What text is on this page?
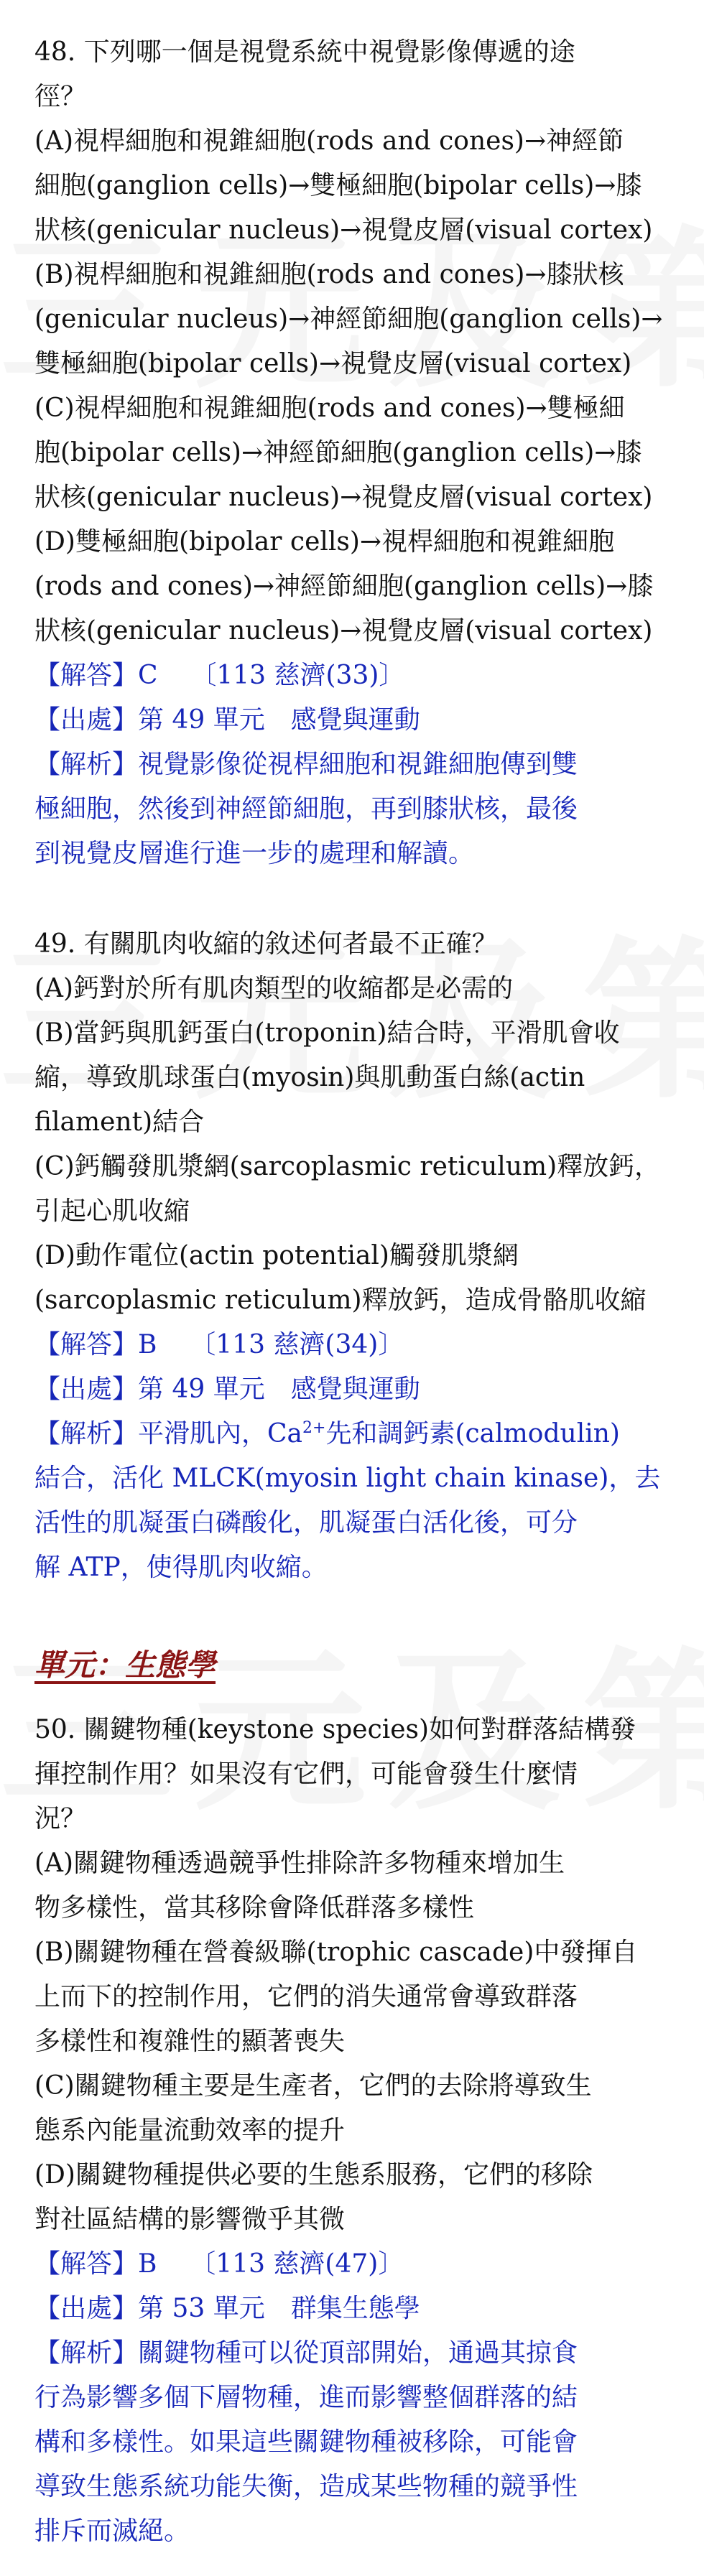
48. 下列哪一個是視覺系統中視覺影像傳遞的途
徑？
(A)視桿細胞和視錐細胞(rods and cones)→神經節
細胞(ganglion cells)→雙極細胞(bipolar cells)→膝
狀核(genicular nucleus)→視覺皮層(visual cortex)
(B)視桿細胞和視錐細胞(rods and cones)→膝狀核
(genicular nucleus)→神經節細胞(ganglion cells)→
雙極細胞(bipolar cells)→視覺皮層(visual cortex)
(C)視桿細胞和視錐細胞(rods and cones)→雙極細
胞(bipolar cells)→神經節細胞(ganglion cells)→膝
狀核(genicular nucleus)→視覺皮層(visual cortex)
(D)雙極細胞(bipolar cells)→視桿細胞和視錐細胞
(rods and cones)→神經節細胞(ganglion cells)→膝
狀核(genicular nucleus)→視覺皮層(visual cortex)
【解答】C 〔113 慈濟(33)〕
【出處】第 49 單元　感覺與運動
【解析】視覺影像從視桿細胞和視錐細胞傳到雙
極細胞，然後到神經節細胞，再到膝狀核，最後
到視覺皮層進行進一步的處理和解讀。
49. 有關肌肉收縮的敘述何者最不正確？
(A)鈣對於所有肌肉類型的收縮都是必需的
(B)當鈣與肌鈣蛋白(troponin)結合時，平滑肌會收
縮，導致肌球蛋白(myosin)與肌動蛋白絲(actin
filament)結合
(C)鈣觸發肌漿網(sarcoplasmic reticulum)釋放鈣，
引起心肌收縮
(D)動作電位(actin potential)觸發肌漿網
(sarcoplasmic reticulum)釋放鈣，造成骨骼肌收縮
【解答】B 〔113 慈濟(34)〕
【出處】第 49 單元　感覺與運動
【解析】平滑肌內，$Ca^{2+}$先和調鈣素(calmodulin)
結合，活化 MLCK(myosin light chain kinase)，去
活性的肌凝蛋白磷酸化，肌凝蛋白活化後，可分
解 ATP，使得肌肉收縮。
單元：生態學
50. 關鍵物種(keystone species)如何對群落結構發
揮控制作用？如果沒有它們，可能會發生什麼情
況？
(A)關鍵物種透過競爭性排除許多物種來增加生
物多樣性，當其移除會降低群落多樣性
(B)關鍵物種在營養級聯(trophic cascade)中發揮自
上而下的控制作用，它們的消失通常會導致群落
多樣性和複雜性的顯著喪失
(C)關鍵物種主要是生產者，它們的去除將導致生
態系內能量流動效率的提升
(D)關鍵物種提供必要的生態系服務，它們的移除
對社區結構的影響微乎其微
【解答】B 〔113 慈濟(47)〕
【出處】第 53 單元　群集生態學
【解析】關鍵物種可以從頂部開始，通過其掠食
行為影響多個下層物種，進而影響整個群落的結
構和多樣性。如果這些關鍵物種被移除，可能會
導致生態系統功能失衡，造成某些物種的競爭性
排斥而滅絕。
